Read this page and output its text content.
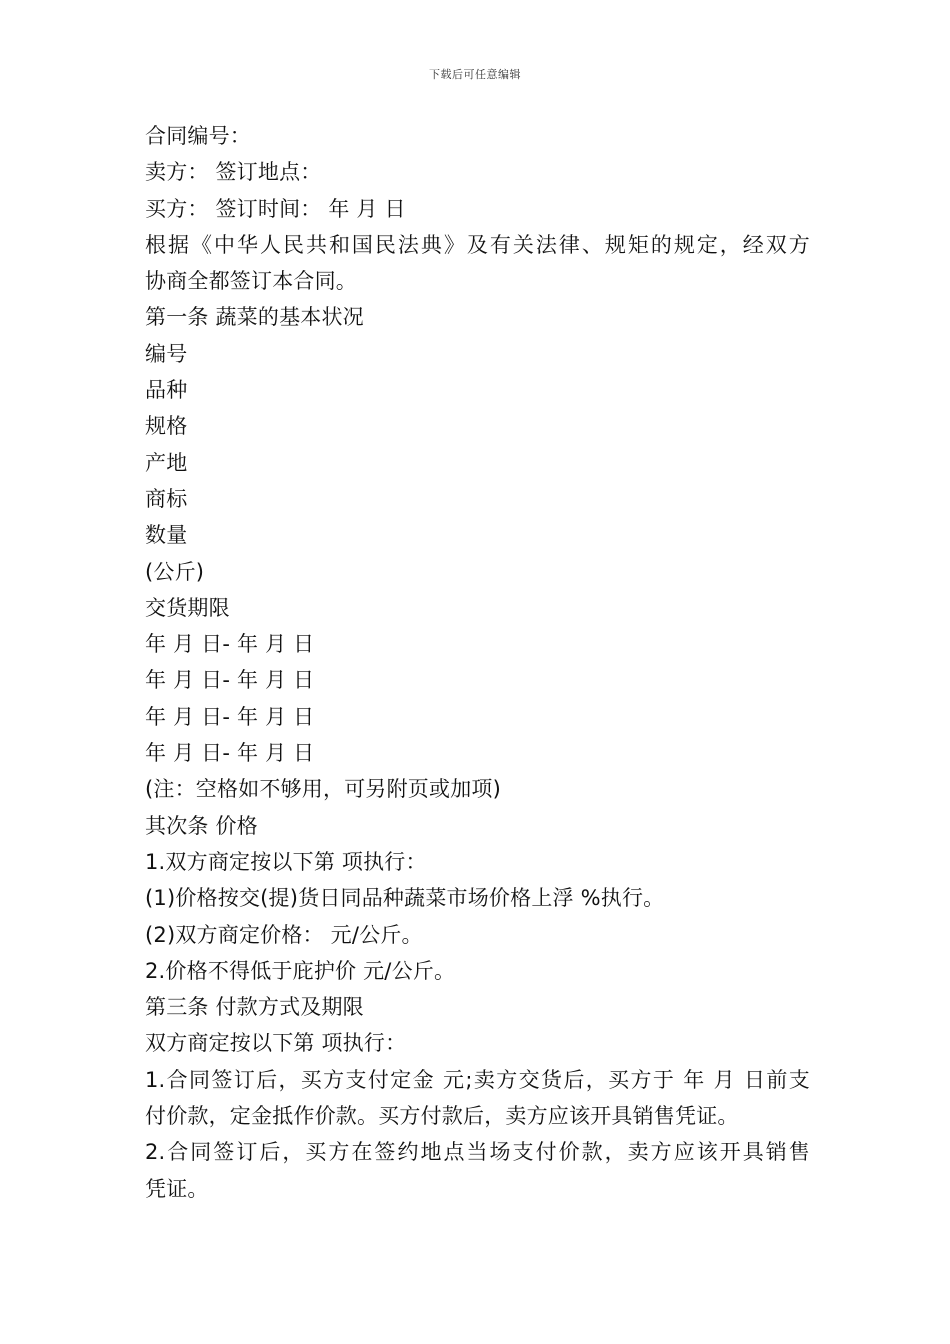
下载后可任意编辑
合同编号：
卖方： 签订地点：
买方： 签订时间： 年 月 日
根据《中华人民共和国民法典》及有关法律、规矩的规定，经双方
协商全都签订本合同。
第一条 蔬菜的基本状况
编号
品种
规格
产地
商标
数量
(公斤)
交货期限
年 月 日- 年 月 日
年 月 日- 年 月 日
年 月 日- 年 月 日
年 月 日- 年 月 日
(注：空格如不够用，可另附页或加项)
其次条 价格
1.双方商定按以下第 项执行：
(1)价格按交(提)货日同品种蔬菜市场价格上浮 %执行。
(2)双方商定价格： 元/公斤。
2.价格不得低于庇护价 元/公斤。
第三条 付款方式及期限
双方商定按以下第 项执行：
1.合同签订后，买方支付定金 元;卖方交货后，买方于 年 月 日前支
付价款，定金抵作价款。买方付款后，卖方应该开具销售凭证。
2.合同签订后，买方在签约地点当场支付价款，卖方应该开具销售
凭证。
